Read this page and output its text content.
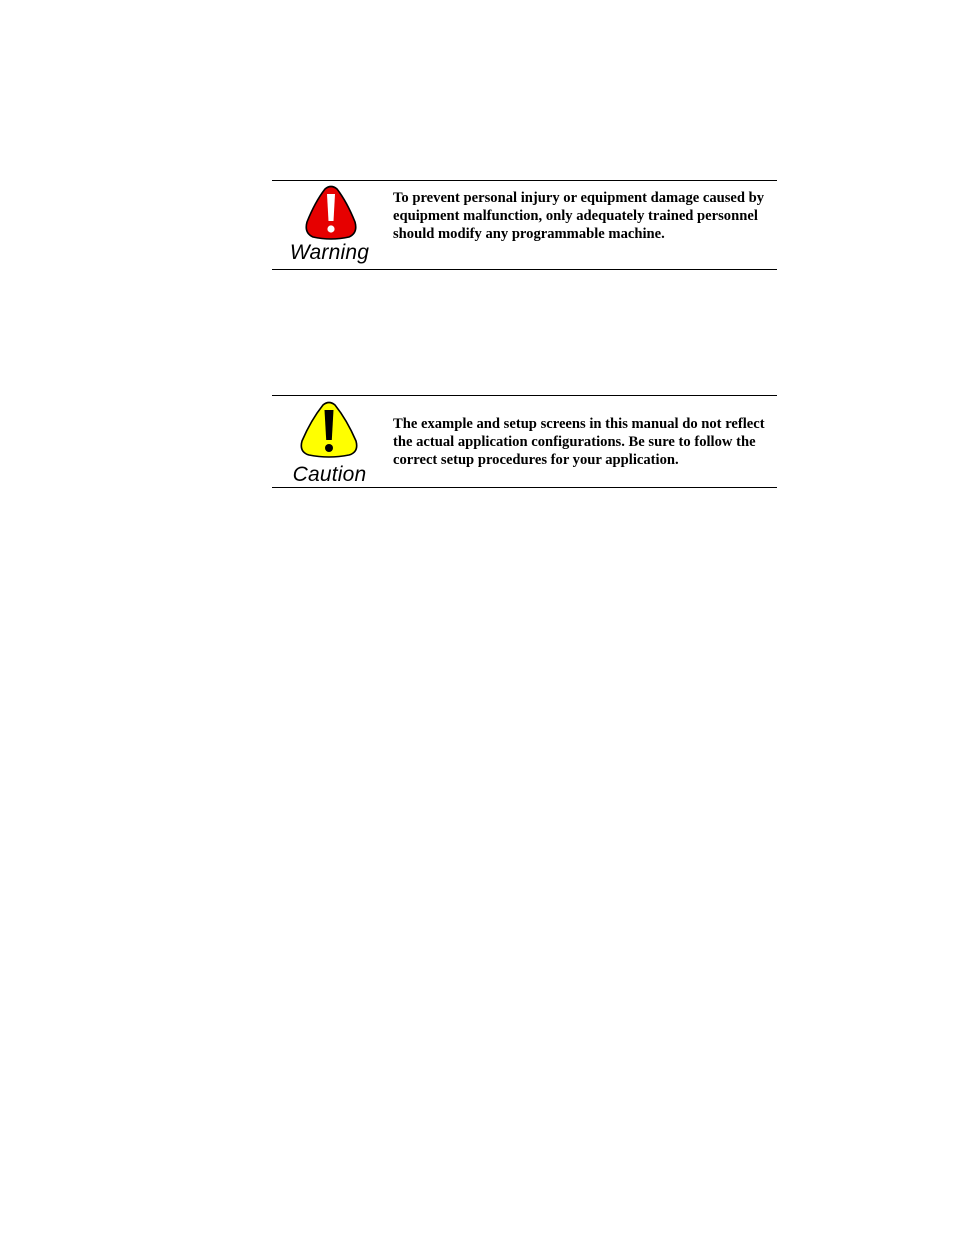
Warning

To prevent personal injury or equipment damage caused by equipment malfunction, only adequately trained personnel should modify any programmable machine.

Caution

The example and setup screens in this manual do not reflect the actual application configurations. Be sure to follow the correct setup procedures for your application.
